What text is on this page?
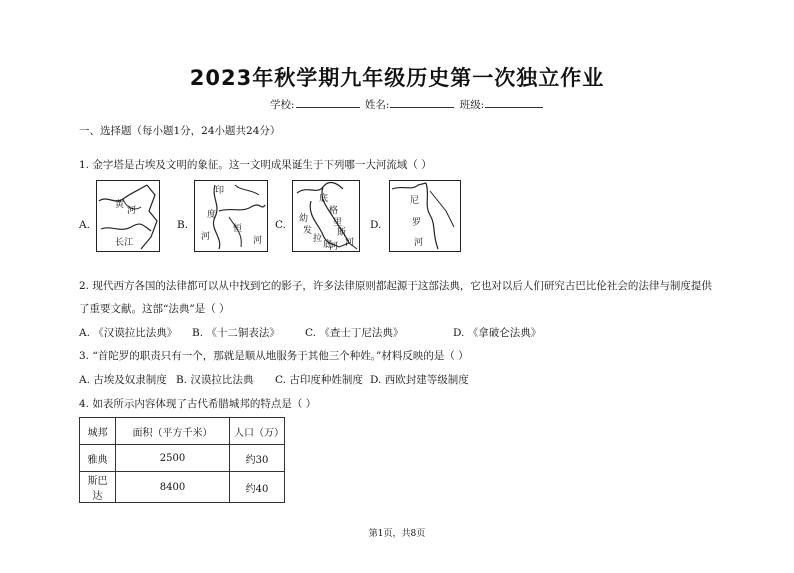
2023年秋学期九年级历史第一次独立作业
学校:	姓名:	班级:
一、选择题（每小题1分，24小题共24分）
1. 金字塔是古埃及文明的象征。这一文明成果诞生于下列哪一大河流域（ ）
A.
黄
河
长江
B.
印
度
河
恒
河
C.
底
格
里
斯
河
幼
发
拉
底
河
D.
尼
罗
河
2. 现代西方各国的法律都可以从中找到它的影子，许多法律原则都起源于这部法典，它也对以后人们研究古巴比伦社会的法律与制度提供
了重要文献。这部“法典”是（ ）
A. 《汉谟拉比法典》 B. 《十二铜表法》 C. 《查士丁尼法典》	D. 《拿破仑法典》
3. “首陀罗的职责只有一个，那就是顺从地服务于其他三个种姓。”材料反映的是（ ）
A. 古埃及奴隶制度 B. 汉谟拉比法典 C. 古印度种姓制度 D. 西欧封建等级制度
4. 如表所示内容体现了古代希腊城邦的特点是（ ）
城邦	面积（平方千米）	人口（万）
雅典	2500	约30
斯巴达	8400	约40
第1页，共8页
